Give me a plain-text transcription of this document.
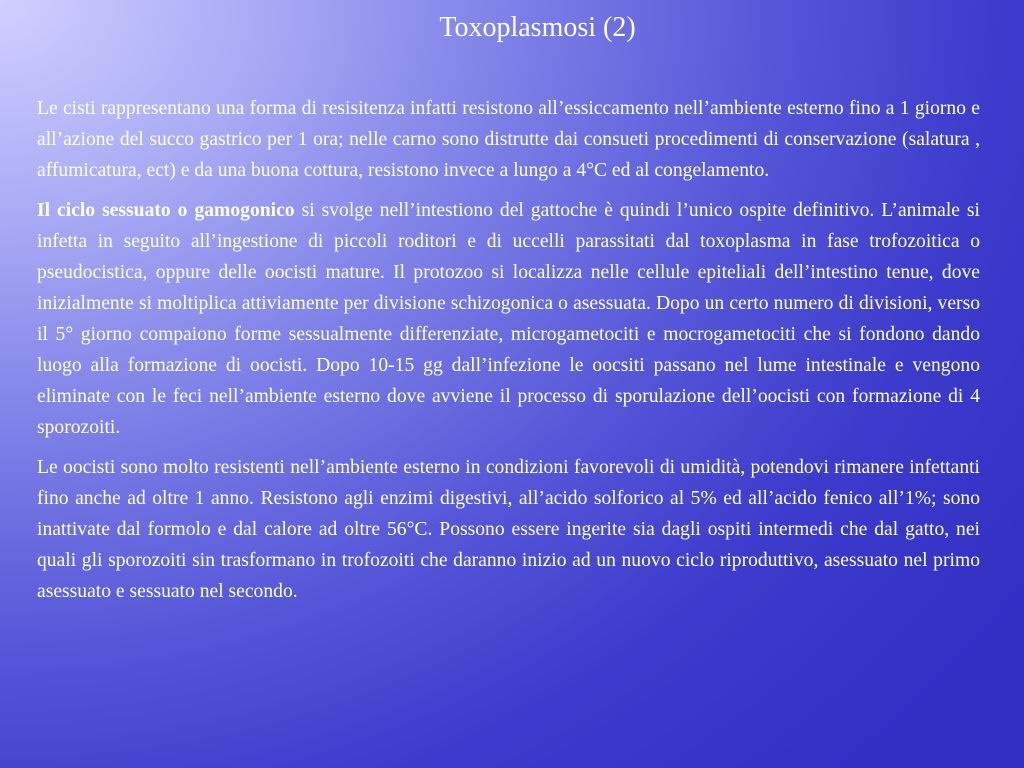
Toxoplasmosi (2)

Le cisti rappresentano una forma di resisitenza infatti resistono all’essiccamento nell’ambiente esterno fino a 1 giorno e all’azione del succo gastrico per 1 ora; nelle carno sono distrutte dai consueti procedimenti di conservazione (salatura , affumicatura, ect) e da una buona cottura, resistono invece a lungo a 4°C ed al congelamento.

Il ciclo sessuato o gamogonico si svolge nell’intestiono del gattoche è quindi l’unico ospite definitivo. L’animale si infetta in seguito all’ingestione di piccoli roditori e di uccelli parassitati dal toxoplasma in fase trofozoitica o pseudocistica, oppure delle oocisti mature. Il protozoo si localizza nelle cellule epiteliali dell’intestino tenue, dove inizialmente si moltiplica attiviamente per divisione schizogonica o asessuata. Dopo un certo numero di divisioni, verso il 5° giorno compaiono forme sessualmente differenziate, microgametociti e mocrogametociti che si fondono dando luogo alla formazione di oocisti. Dopo 10-15 gg dall’infezione le oocsiti passano nel lume intestinale e vengono eliminate con le feci nell’ambiente esterno dove avviene il processo di sporulazione dell’oocisti con formazione di 4 sporozoiti.

Le oocisti sono molto resistenti nell’ambiente esterno in condizioni favorevoli di umidità, potendovi rimanere infettanti fino anche ad oltre 1 anno. Resistono agli enzimi digestivi, all’acido solforico al 5% ed all’acido fenico all’1%; sono inattivate dal formolo e dal calore ad oltre 56°C. Possono essere ingerite sia dagli ospiti intermedi che dal gatto, nei quali gli sporozoiti sin trasformano in trofozoiti che daranno inizio ad un nuovo ciclo riproduttivo, asessuato nel primo asessuato e sessuato nel secondo.
